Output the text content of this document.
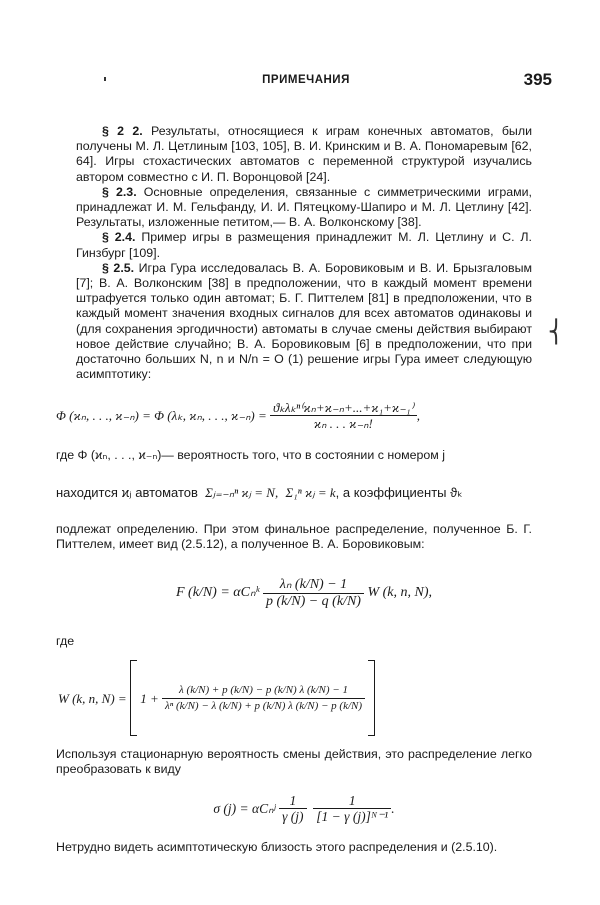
ПРИМЕЧАНИЯ	395

§ 2 2. Результаты, относящиеся к играм конечных автоматов, были получены М. Л. Цетлиным [103, 105], В. И. Кринским и В. А. Пономаревым [62, 64]. Игры стохастических автоматов с переменной структурой изучались автором совместно с И. П. Воронцовой [24].

§ 2.3. Основные определения, связанные с симметрическими играми, принадлежат И. М. Гельфанду, И. И. Пятецкому-Шапиро и М. Л. Цетлину [42]. Результаты, изложенные петитом,— В. А. Волконскому [38].

§ 2.4. Пример игры в размещения принадлежит М. Л. Цетлину и С. Л. Гинзбург [109].

§ 2.5. Игра Гура исследовалась В. А. Боровиковым и В. И. Брызгаловым [7]; В. А. Волконским [38] в предположении, что в каждый момент времени штрафуется только один автомат; Б. Г. Питтелем [81] в предположении, что в каждый момент значения входных сигналов для всех автоматов одинаковы и (для сохранения эргодичности) автоматы в случае смены действия выбирают новое действие случайно; В. А. Боровиковым [6] в предположении, что при достаточно больших N, n и N/n = O (1) решение игры Гура имеет следующую асимптотику:

Φ (ϰₙ, . . ., ϰ₋ₙ) = Φ (λₖ, ϰₙ, . . ., ϰ₋ₙ) =
$\frac{\text{ϑₖλₖⁿ⁽ϰₙ+ϰ₋ₙ+...+ϰ₁+ϰ₋₁⁾}}{\text{ϰₙ . . . ϰ₋ₙ!}}$ ,

где Φ (ϰₙ, . . ., ϰ₋ₙ)— вероятность того, что в состоянии с номером j

находится ϰⱼ автоматов
Σⱼ₌₋ₙⁿ ϰⱼ = N,
Σ₁ⁿ ϰⱼ = k , а коэффициенты ϑₖ

подлежат определению. При этом финальное распределение, полученное Б. Г. Питтелем, имеет вид (2.5.12), а полученное В. А. Боровиковым:

F (k/N) = αCₙᵏ
$\frac{\text{λₙ (k/N) − 1}}{p (k/N) - q (k/N)}$
W (k, n, N),

где

W (k, n, N) =

1 +
$\frac{\lambda (k/N) + p (k/N) - p (k/N) \lambda (k/N) - 1}{\text{λⁿ (k/N) − λ (k/N) + p (k/N) λ (k/N) − p (k/N)}}$

Используя стационарную вероятность смены действия, это распределение легко преобразовать к виду

σ (j) = αCₙʲ
$\frac{1}{\gamma (j)}$
$\frac{1}{\text{[1 − γ (j)]ᴺ⁻¹}}$ .

Нетрудно видеть асимптотическую близость этого распределения и (2.5.10).

⎨
